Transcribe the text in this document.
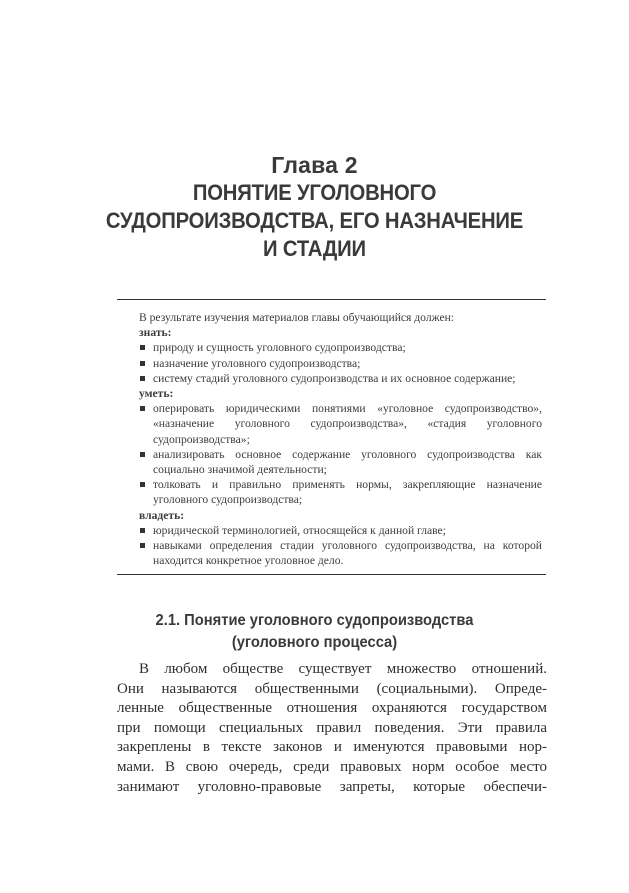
Глава 2
ПОНЯТИЕ УГОЛОВНОГО
СУДОПРОИЗВОДСТВА, ЕГО НАЗНАЧЕНИЕ
И СТАДИИ

В результате изучения материалов главы обучающийся должен:

знать:

природу и сущность уголовного судопроизводства;
назначение уголовного судопроизводства;
систему стадий уголовного судопроизводства и их основное содержание;

уметь:

оперировать юридическими понятиями «уголовное судопроизводство», «назначение уголовного судопроизводства», «стадия уголовного судопроизводства»;
анализировать основное содержание уголовного судопроизводства как социально значимой деятельности;
толковать и правильно применять нормы, закрепляющие назначение уголовного судопроизводства;

владеть:

юридической терминологией, относящейся к данной главе;
навыками определения стадии уголовного судопроизводства, на которой находится конкретное уголовное дело.
2.1. Понятие уголовного судопроизводства
(уголовного процесса)
В любом обществе существует множество отношений.
Они называются общественными (социальными). Опреде-
ленные общественные отношения охраняются государством
при помощи специальных правил поведения. Эти правила
закреплены в тексте законов и именуются правовыми нор-
мами. В свою очередь, среди правовых норм особое место
занимают уголовно-правовые запреты, которые обеспечи-
